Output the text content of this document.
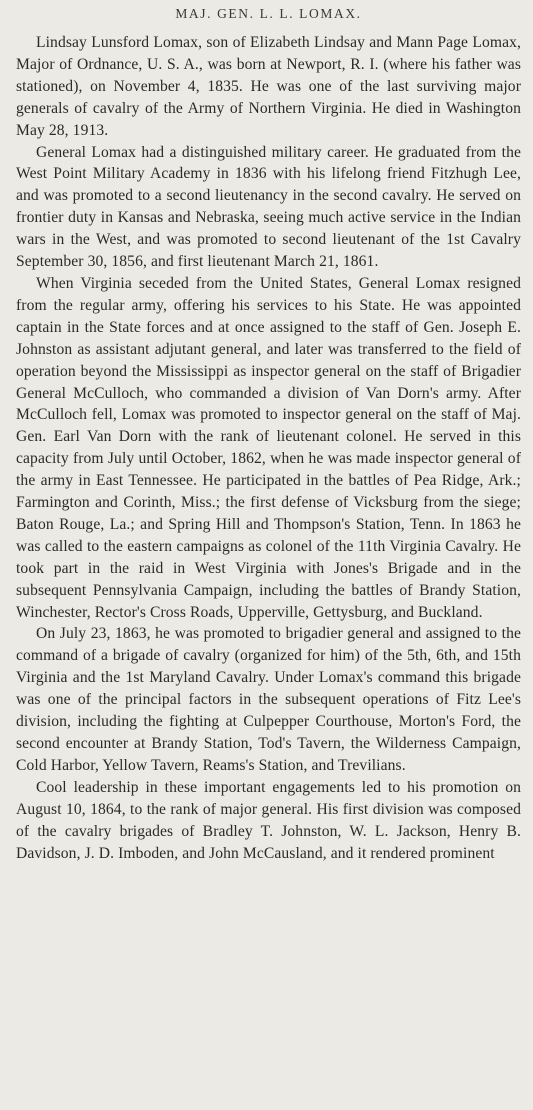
MAJ. GEN. L. L. LOMAX.

Lindsay Lunsford Lomax, son of Elizabeth Lindsay and Mann Page Lomax, Major of Ordnance, U. S. A., was born at Newport, R. I. (where his father was stationed), on November 4, 1835. He was one of the last surviving major generals of cavalry of the Army of Northern Virginia. He died in Washington May 28, 1913.

General Lomax had a distinguished military career. He graduated from the West Point Military Academy in 1836 with his lifelong friend Fitzhugh Lee, and was promoted to a second lieutenancy in the second cavalry. He served on frontier duty in Kansas and Nebraska, seeing much active service in the Indian wars in the West, and was promoted to second lieutenant of the 1st Cavalry September 30, 1856, and first lieutenant March 21, 1861.

When Virginia seceded from the United States, General Lomax resigned from the regular army, offering his services to his State. He was appointed captain in the State forces and at once assigned to the staff of Gen. Joseph E. Johnston as assistant adjutant general, and later was transferred to the field of operation beyond the Mississippi as inspector general on the staff of Brigadier General McCulloch, who commanded a division of Van Dorn's army. After McCulloch fell, Lomax was promoted to inspector general on the staff of Maj. Gen. Earl Van Dorn with the rank of lieutenant colonel. He served in this capacity from July until October, 1862, when he was made inspector general of the army in East Tennessee. He participated in the battles of Pea Ridge, Ark.; Farmington and Corinth, Miss.; the first defense of Vicksburg from the siege; Baton Rouge, La.; and Spring Hill and Thompson's Station, Tenn. In 1863 he was called to the eastern campaigns as colonel of the 11th Virginia Cavalry. He took part in the raid in West Virginia with Jones's Brigade and in the subsequent Pennsylvania Campaign, including the battles of Brandy Station, Winchester, Rector's Cross Roads, Upperville, Gettysburg, and Buckland.

On July 23, 1863, he was promoted to brigadier general and assigned to the command of a brigade of cavalry (organized for him) of the 5th, 6th, and 15th Virginia and the 1st Maryland Cavalry. Under Lomax's command this brigade was one of the principal factors in the subsequent operations of Fitz Lee's division, including the fighting at Culpepper Courthouse, Morton's Ford, the second encounter at Brandy Station, Tod's Tavern, the Wilderness Campaign, Cold Harbor, Yellow Tavern, Reams's Station, and Trevilians.

Cool leadership in these important engagements led to his promotion on August 10, 1864, to the rank of major general. His first division was composed of the cavalry brigades of Bradley T. Johnston, W. L. Jackson, Henry B. Davidson, J. D. Imboden, and John McCausland, and it rendered prominent
